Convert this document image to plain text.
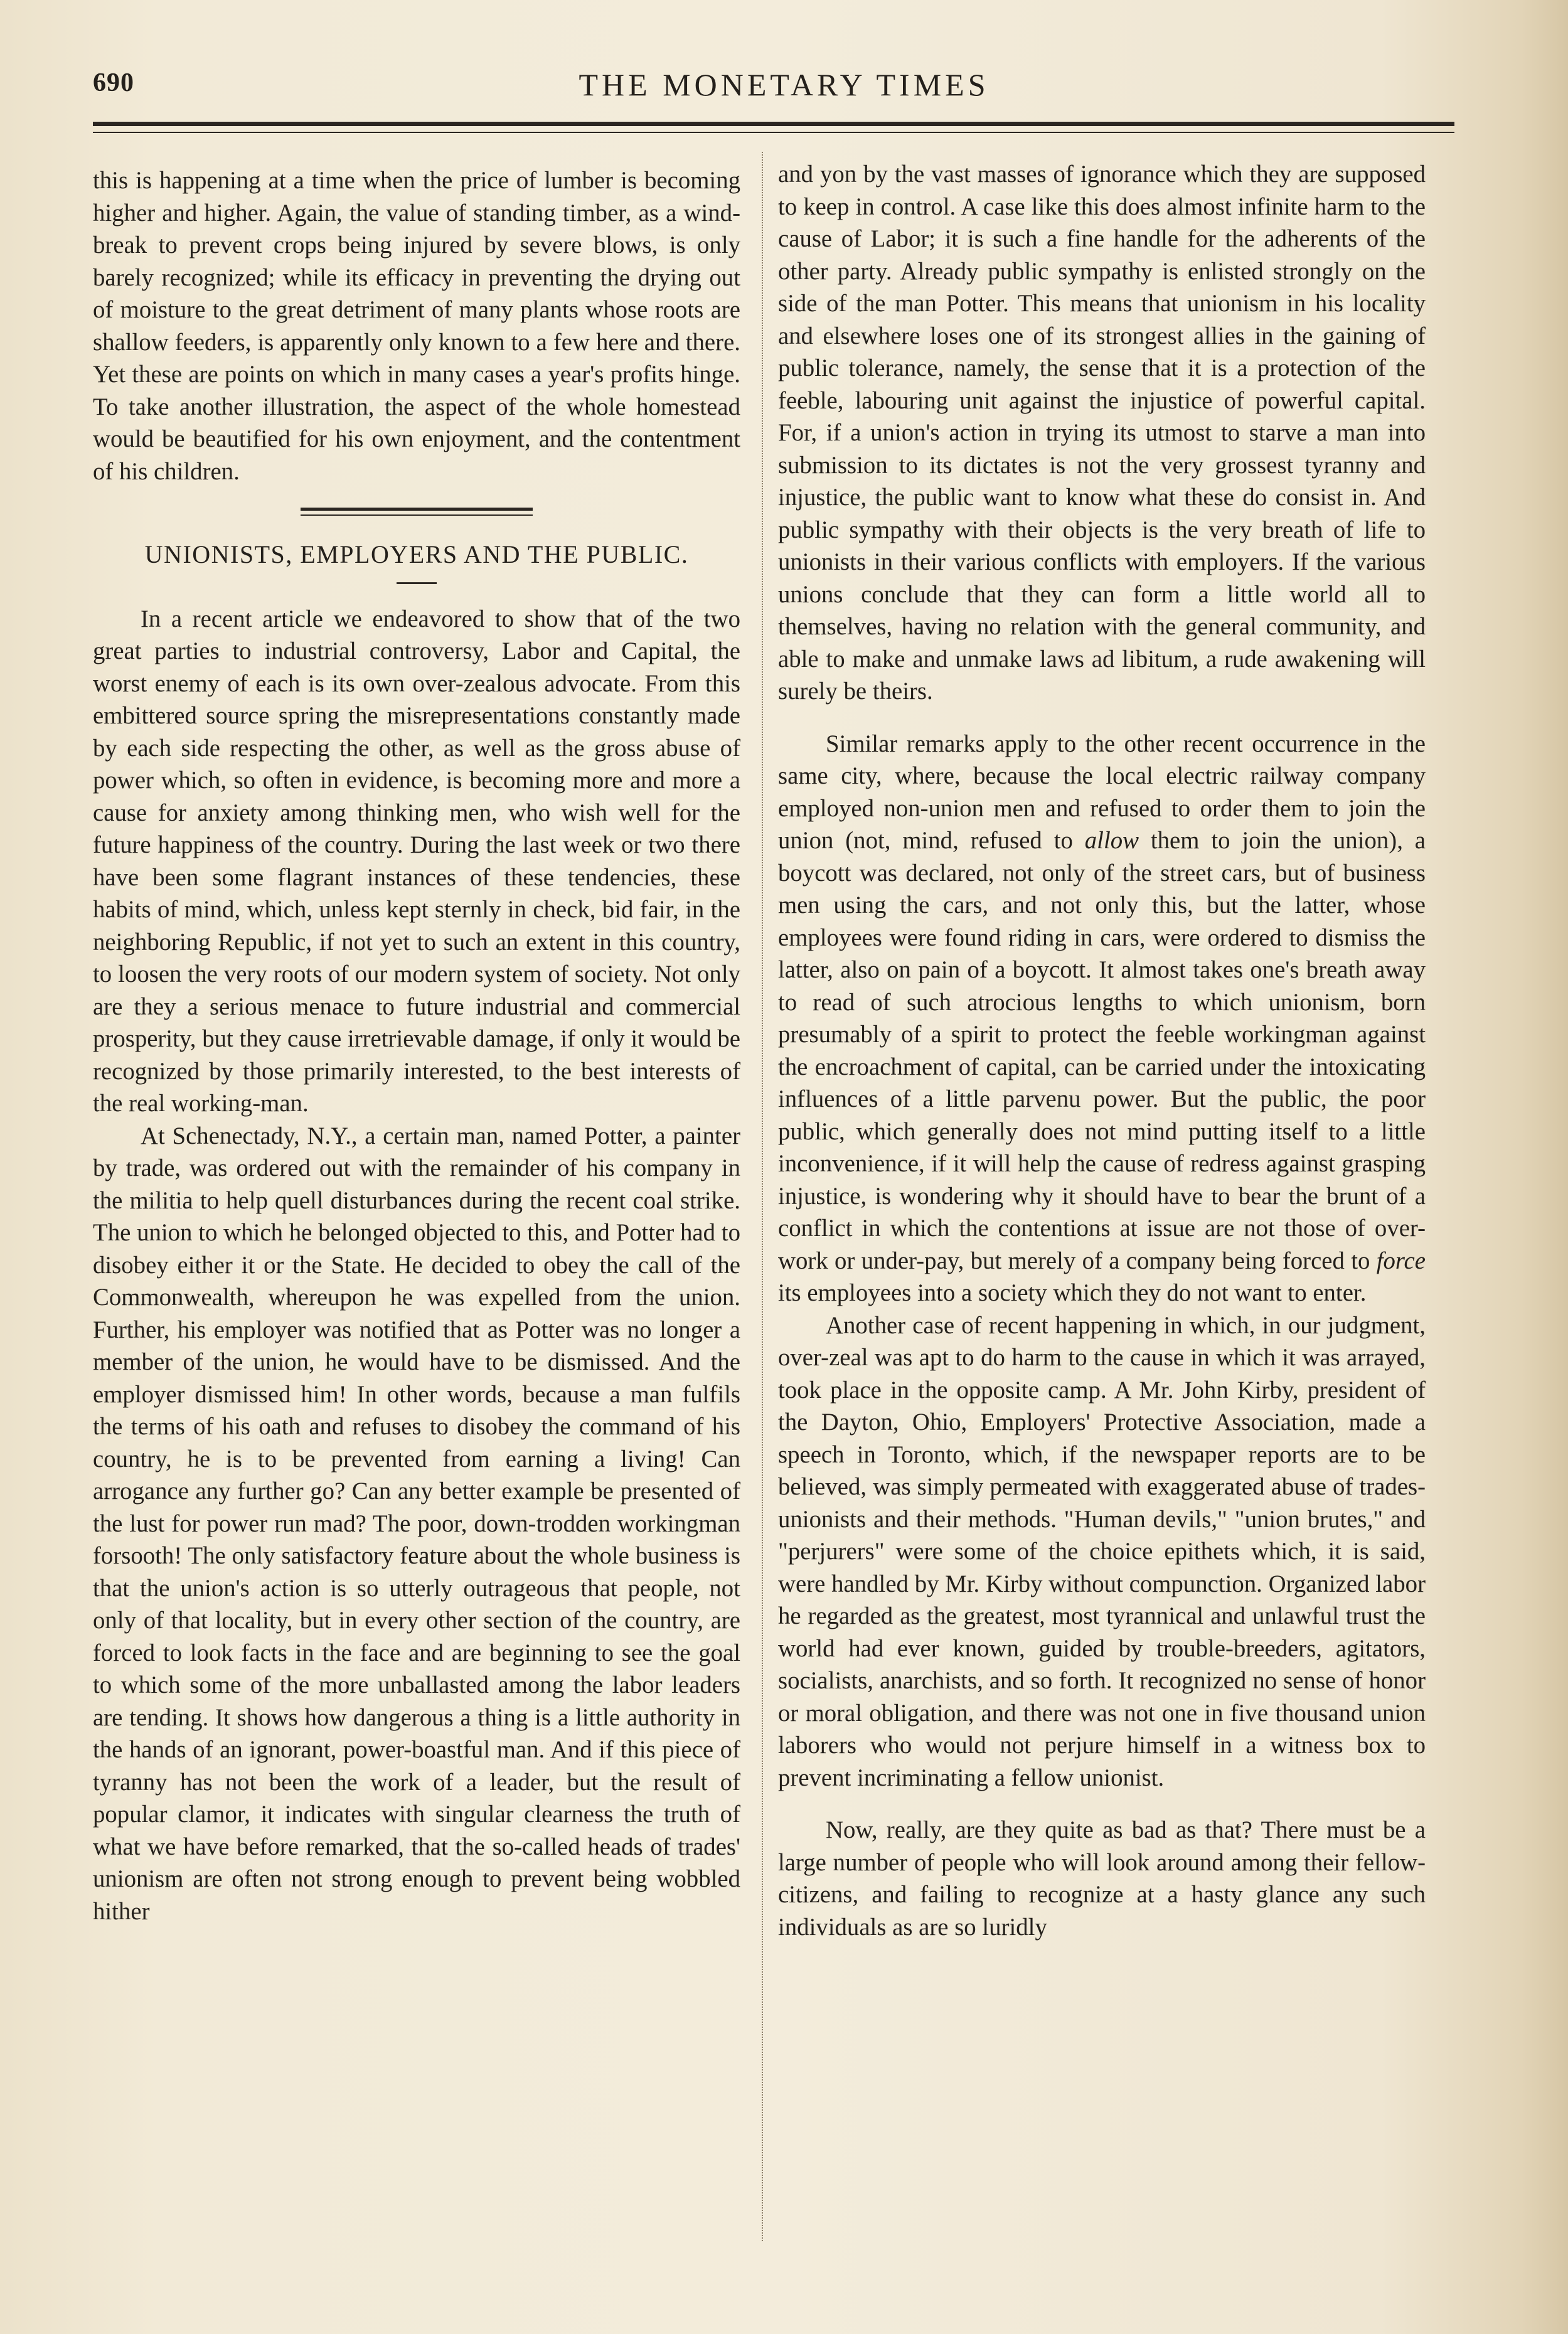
690	THE MONETARY TIMES

this is happening at a time when the price of lumber is becoming higher and higher. Again, the value of standing timber, as a wind-break to prevent crops being injured by severe blows, is only barely recognized; while its efficacy in preventing the drying out of moisture to the great detriment of many plants whose roots are shallow feeders, is apparently only known to a few here and there. Yet these are points on which in many cases a year's profits hinge. To take another illustration, the aspect of the whole homestead would be beautified for his own enjoyment, and the contentment of his children.

UNIONISTS, EMPLOYERS AND THE PUBLIC.

In a recent article we endeavored to show that of the two great parties to industrial controversy, Labor and Capital, the worst enemy of each is its own over-zealous advocate. From this embittered source spring the misrepresentations constantly made by each side respecting the other, as well as the gross abuse of power which, so often in evidence, is becoming more and more a cause for anxiety among thinking men, who wish well for the future happiness of the country. During the last week or two there have been some flagrant instances of these tendencies, these habits of mind, which, unless kept sternly in check, bid fair, in the neighboring Republic, if not yet to such an extent in this country, to loosen the very roots of our modern system of society. Not only are they a serious menace to future industrial and commercial prosperity, but they cause irretrievable damage, if only it would be recognized by those primarily interested, to the best interests of the real working-man.

At Schenectady, N.Y., a certain man, named Potter, a painter by trade, was ordered out with the remainder of his company in the militia to help quell disturbances during the recent coal strike. The union to which he belonged objected to this, and Potter had to disobey either it or the State. He decided to obey the call of the Commonwealth, whereupon he was expelled from the union. Further, his employer was notified that as Potter was no longer a member of the union, he would have to be dismissed. And the employer dismissed him! In other words, because a man fulfils the terms of his oath and refuses to disobey the command of his country, he is to be prevented from earning a living! Can arrogance any further go? Can any better example be presented of the lust for power run mad? The poor, down-trodden workingman forsooth! The only satisfactory feature about the whole business is that the union's action is so utterly outrageous that people, not only of that locality, but in every other section of the country, are forced to look facts in the face and are beginning to see the goal to which some of the more unballasted among the labor leaders are tending. It shows how dangerous a thing is a little authority in the hands of an ignorant, power-boastful man. And if this piece of tyranny has not been the work of a leader, but the result of popular clamor, it indicates with singular clearness the truth of what we have before remarked, that the so-called heads of trades' unionism are often not strong enough to prevent being wobbled hither

and yon by the vast masses of ignorance which they are supposed to keep in control. A case like this does almost infinite harm to the cause of Labor; it is such a fine handle for the adherents of the other party. Already public sympathy is enlisted strongly on the side of the man Potter. This means that unionism in his locality and elsewhere loses one of its strongest allies in the gaining of public tolerance, namely, the sense that it is a protection of the feeble, labouring unit against the injustice of powerful capital. For, if a union's action in trying its utmost to starve a man into submission to its dictates is not the very grossest tyranny and injustice, the public want to know what these do consist in. And public sympathy with their objects is the very breath of life to unionists in their various conflicts with employers. If the various unions conclude that they can form a little world all to themselves, having no relation with the general community, and able to make and unmake laws ad libitum, a rude awakening will surely be theirs.

Similar remarks apply to the other recent occurrence in the same city, where, because the local electric railway company employed non-union men and refused to order them to join the union (not, mind, refused to allow them to join the union), a boycott was declared, not only of the street cars, but of business men using the cars, and not only this, but the latter, whose employees were found riding in cars, were ordered to dismiss the latter, also on pain of a boycott. It almost takes one's breath away to read of such atrocious lengths to which unionism, born presumably of a spirit to protect the feeble workingman against the encroachment of capital, can be carried under the intoxicating influences of a little parvenu power. But the public, the poor public, which generally does not mind putting itself to a little inconvenience, if it will help the cause of redress against grasping injustice, is wondering why it should have to bear the brunt of a conflict in which the contentions at issue are not those of over-work or under-pay, but merely of a company being forced to force its employees into a society which they do not want to enter.

Another case of recent happening in which, in our judgment, over-zeal was apt to do harm to the cause in which it was arrayed, took place in the opposite camp. A Mr. John Kirby, president of the Dayton, Ohio, Employers' Protective Association, made a speech in Toronto, which, if the newspaper reports are to be believed, was simply permeated with exaggerated abuse of trades-unionists and their methods. "Human devils," "union brutes," and "perjurers" were some of the choice epithets which, it is said, were handled by Mr. Kirby without compunction. Organized labor he regarded as the greatest, most tyrannical and unlawful trust the world had ever known, guided by trouble-breeders, agitators, socialists, anarchists, and so forth. It recognized no sense of honor or moral obligation, and there was not one in five thousand union laborers who would not perjure himself in a witness box to prevent incriminating a fellow unionist.

Now, really, are they quite as bad as that? There must be a large number of people who will look around among their fellow-citizens, and failing to recognize at a hasty glance any such individuals as are so luridly
